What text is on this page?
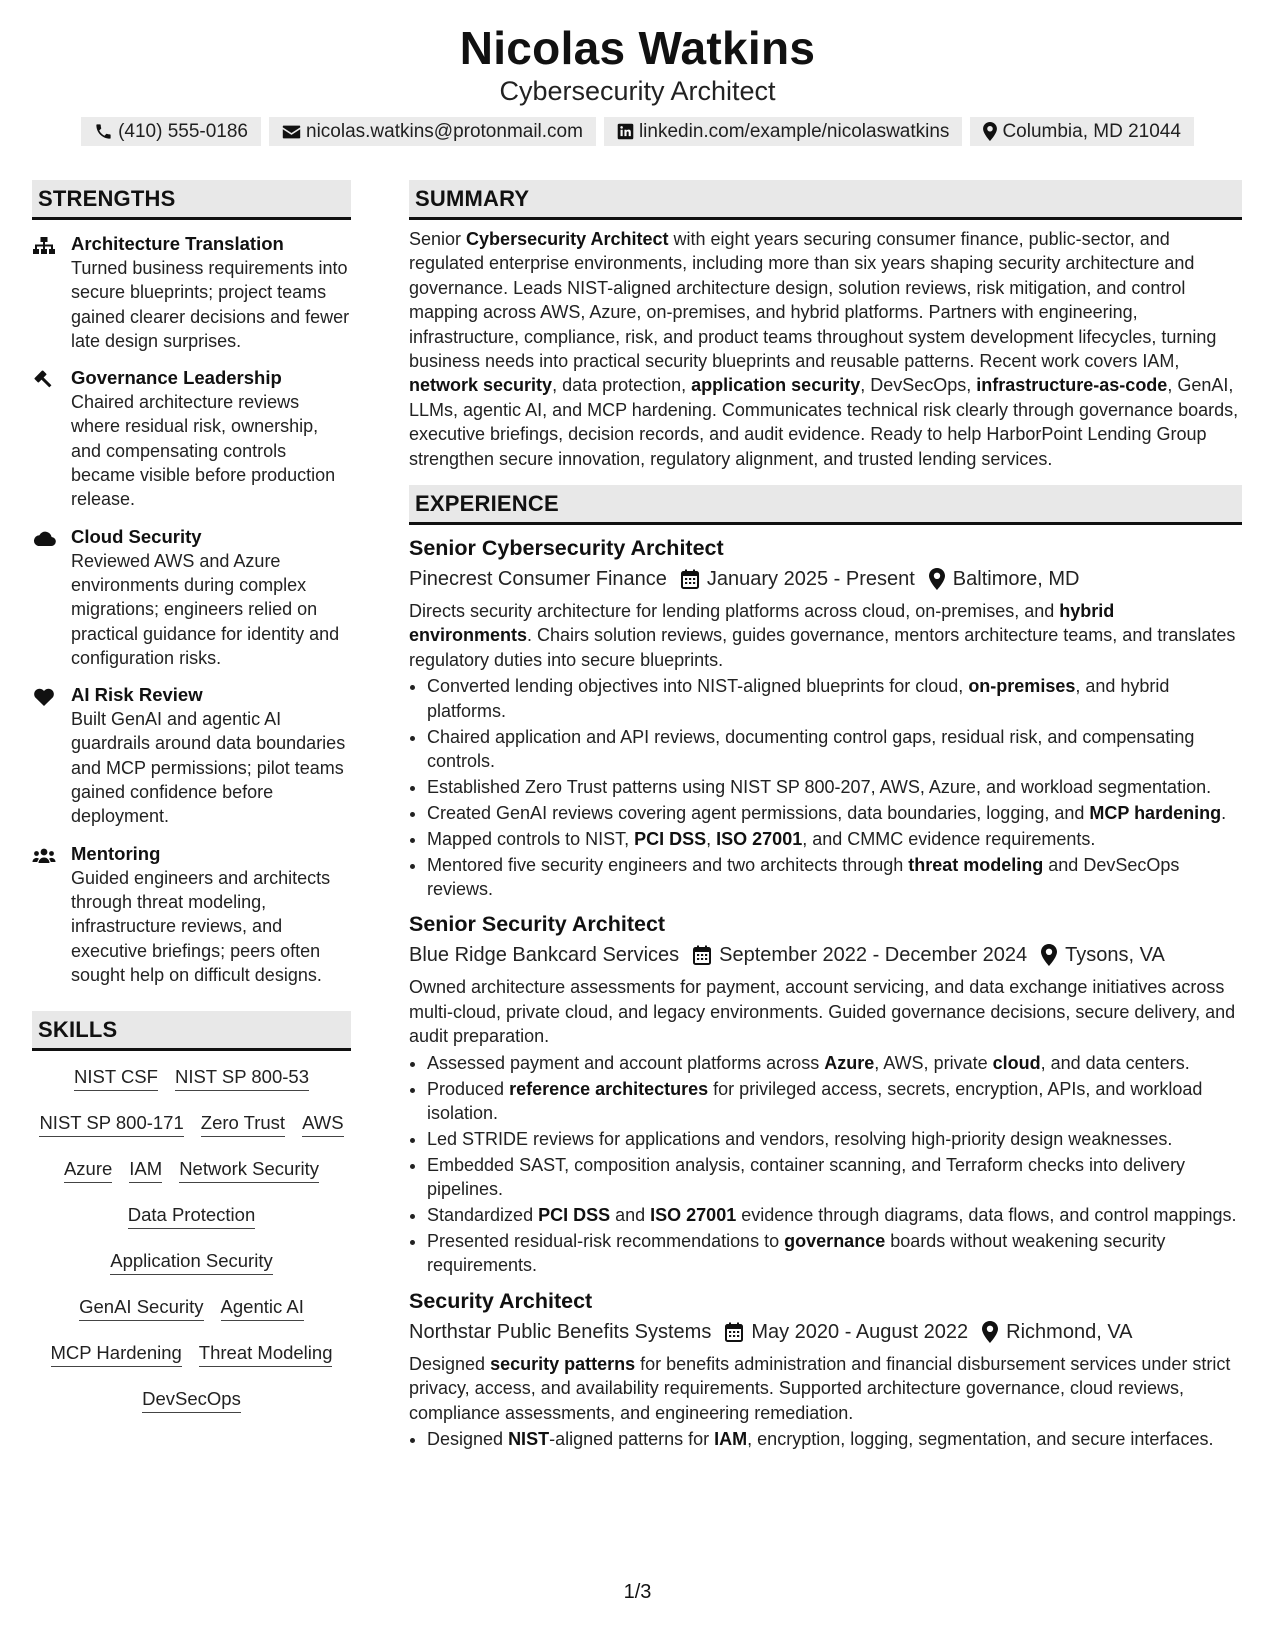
Nicolas Watkins
Cybersecurity Architect
(410) 555-0186	nicolas.watkins@protonmail.com	linkedin.com/example/nicolaswatkins	Columbia, MD 21044
STRENGTHS
Architecture Translation
Turned business requirements into secure blueprints; project teams gained clearer decisions and fewer late design surprises.
Governance Leadership
Chaired architecture reviews where residual risk, ownership, and compensating controls became visible before production release.
Cloud Security
Reviewed AWS and Azure environments during complex migrations; engineers relied on practical guidance for identity and configuration risks.
AI Risk Review
Built GenAI and agentic AI guardrails around data boundaries and MCP permissions; pilot teams gained confidence before deployment.
Mentoring
Guided engineers and architects through threat modeling, infrastructure reviews, and executive briefings; peers often sought help on difficult designs.
SKILLS
NIST CSF NIST SP 800-53
NIST SP 800-171 Zero Trust AWS
Azure IAM Network Security
Data Protection
Application Security
GenAI Security Agentic AI
MCP Hardening Threat Modeling
DevSecOps
SUMMARY
Senior Cybersecurity Architect with eight years securing consumer finance, public-sector, and regulated enterprise environments, including more than six years shaping security architecture and governance. Leads NIST-aligned architecture design, solution reviews, risk mitigation, and control mapping across AWS, Azure, on-premises, and hybrid platforms. Partners with engineering, infrastructure, compliance, risk, and product teams throughout system development lifecycles, turning business needs into practical security blueprints and reusable patterns. Recent work covers IAM, network security, data protection, application security, DevSecOps, infrastructure-as-code, GenAI, LLMs, agentic AI, and MCP hardening. Communicates technical risk clearly through governance boards, executive briefings, decision records, and audit evidence. Ready to help HarborPoint Lending Group strengthen secure innovation, regulatory alignment, and trusted lending services.
EXPERIENCE
Senior Cybersecurity Architect
Pinecrest Consumer Finance January 2025 - Present Baltimore, MD
Directs security architecture for lending platforms across cloud, on-premises, and hybrid environments. Chairs solution reviews, guides governance, mentors architecture teams, and translates regulatory duties into secure blueprints.
• Converted lending objectives into NIST-aligned blueprints for cloud, on-premises, and hybrid platforms.
• Chaired application and API reviews, documenting control gaps, residual risk, and compensating controls.
• Established Zero Trust patterns using NIST SP 800-207, AWS, Azure, and workload segmentation.
• Created GenAI reviews covering agent permissions, data boundaries, logging, and MCP hardening.
• Mapped controls to NIST, PCI DSS, ISO 27001, and CMMC evidence requirements.
• Mentored five security engineers and two architects through threat modeling and DevSecOps reviews.
Senior Security Architect
Blue Ridge Bankcard Services September 2022 - December 2024 Tysons, VA
Owned architecture assessments for payment, account servicing, and data exchange initiatives across multi-cloud, private cloud, and legacy environments. Guided governance decisions, secure delivery, and audit preparation.
• Assessed payment and account platforms across Azure, AWS, private cloud, and data centers.
• Produced reference architectures for privileged access, secrets, encryption, APIs, and workload isolation.
• Led STRIDE reviews for applications and vendors, resolving high-priority design weaknesses.
• Embedded SAST, composition analysis, container scanning, and Terraform checks into delivery pipelines.
• Standardized PCI DSS and ISO 27001 evidence through diagrams, data flows, and control mappings.
• Presented residual-risk recommendations to governance boards without weakening security requirements.
Security Architect
Northstar Public Benefits Systems May 2020 - August 2022 Richmond, VA
Designed security patterns for benefits administration and financial disbursement services under strict privacy, access, and availability requirements. Supported architecture governance, cloud reviews, compliance assessments, and engineering remediation.
• Designed NIST-aligned patterns for IAM, encryption, logging, segmentation, and secure interfaces.
1/3
